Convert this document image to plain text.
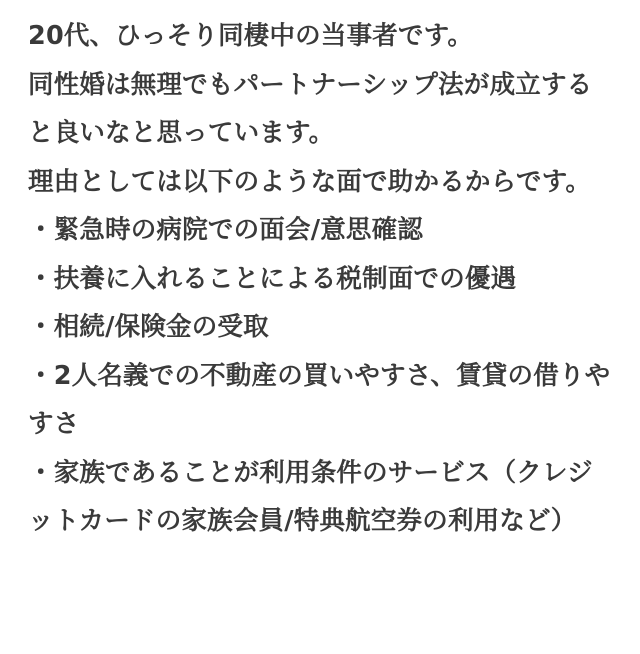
20代、ひっそり同棲中の当事者です。

同性婚は無理でもパートナーシップ法が成立すると良いなと思っています。

理由としては以下のような面で助かるからです。

・緊急時の病院での面会/意思確認

・扶養に入れることによる税制面での優遇

・相続/保険金の受取

・2人名義での不動産の買いやすさ、賃貸の借りやすさ

・家族であることが利用条件のサービス（クレジットカードの家族会員/特典航空券の利用など）
